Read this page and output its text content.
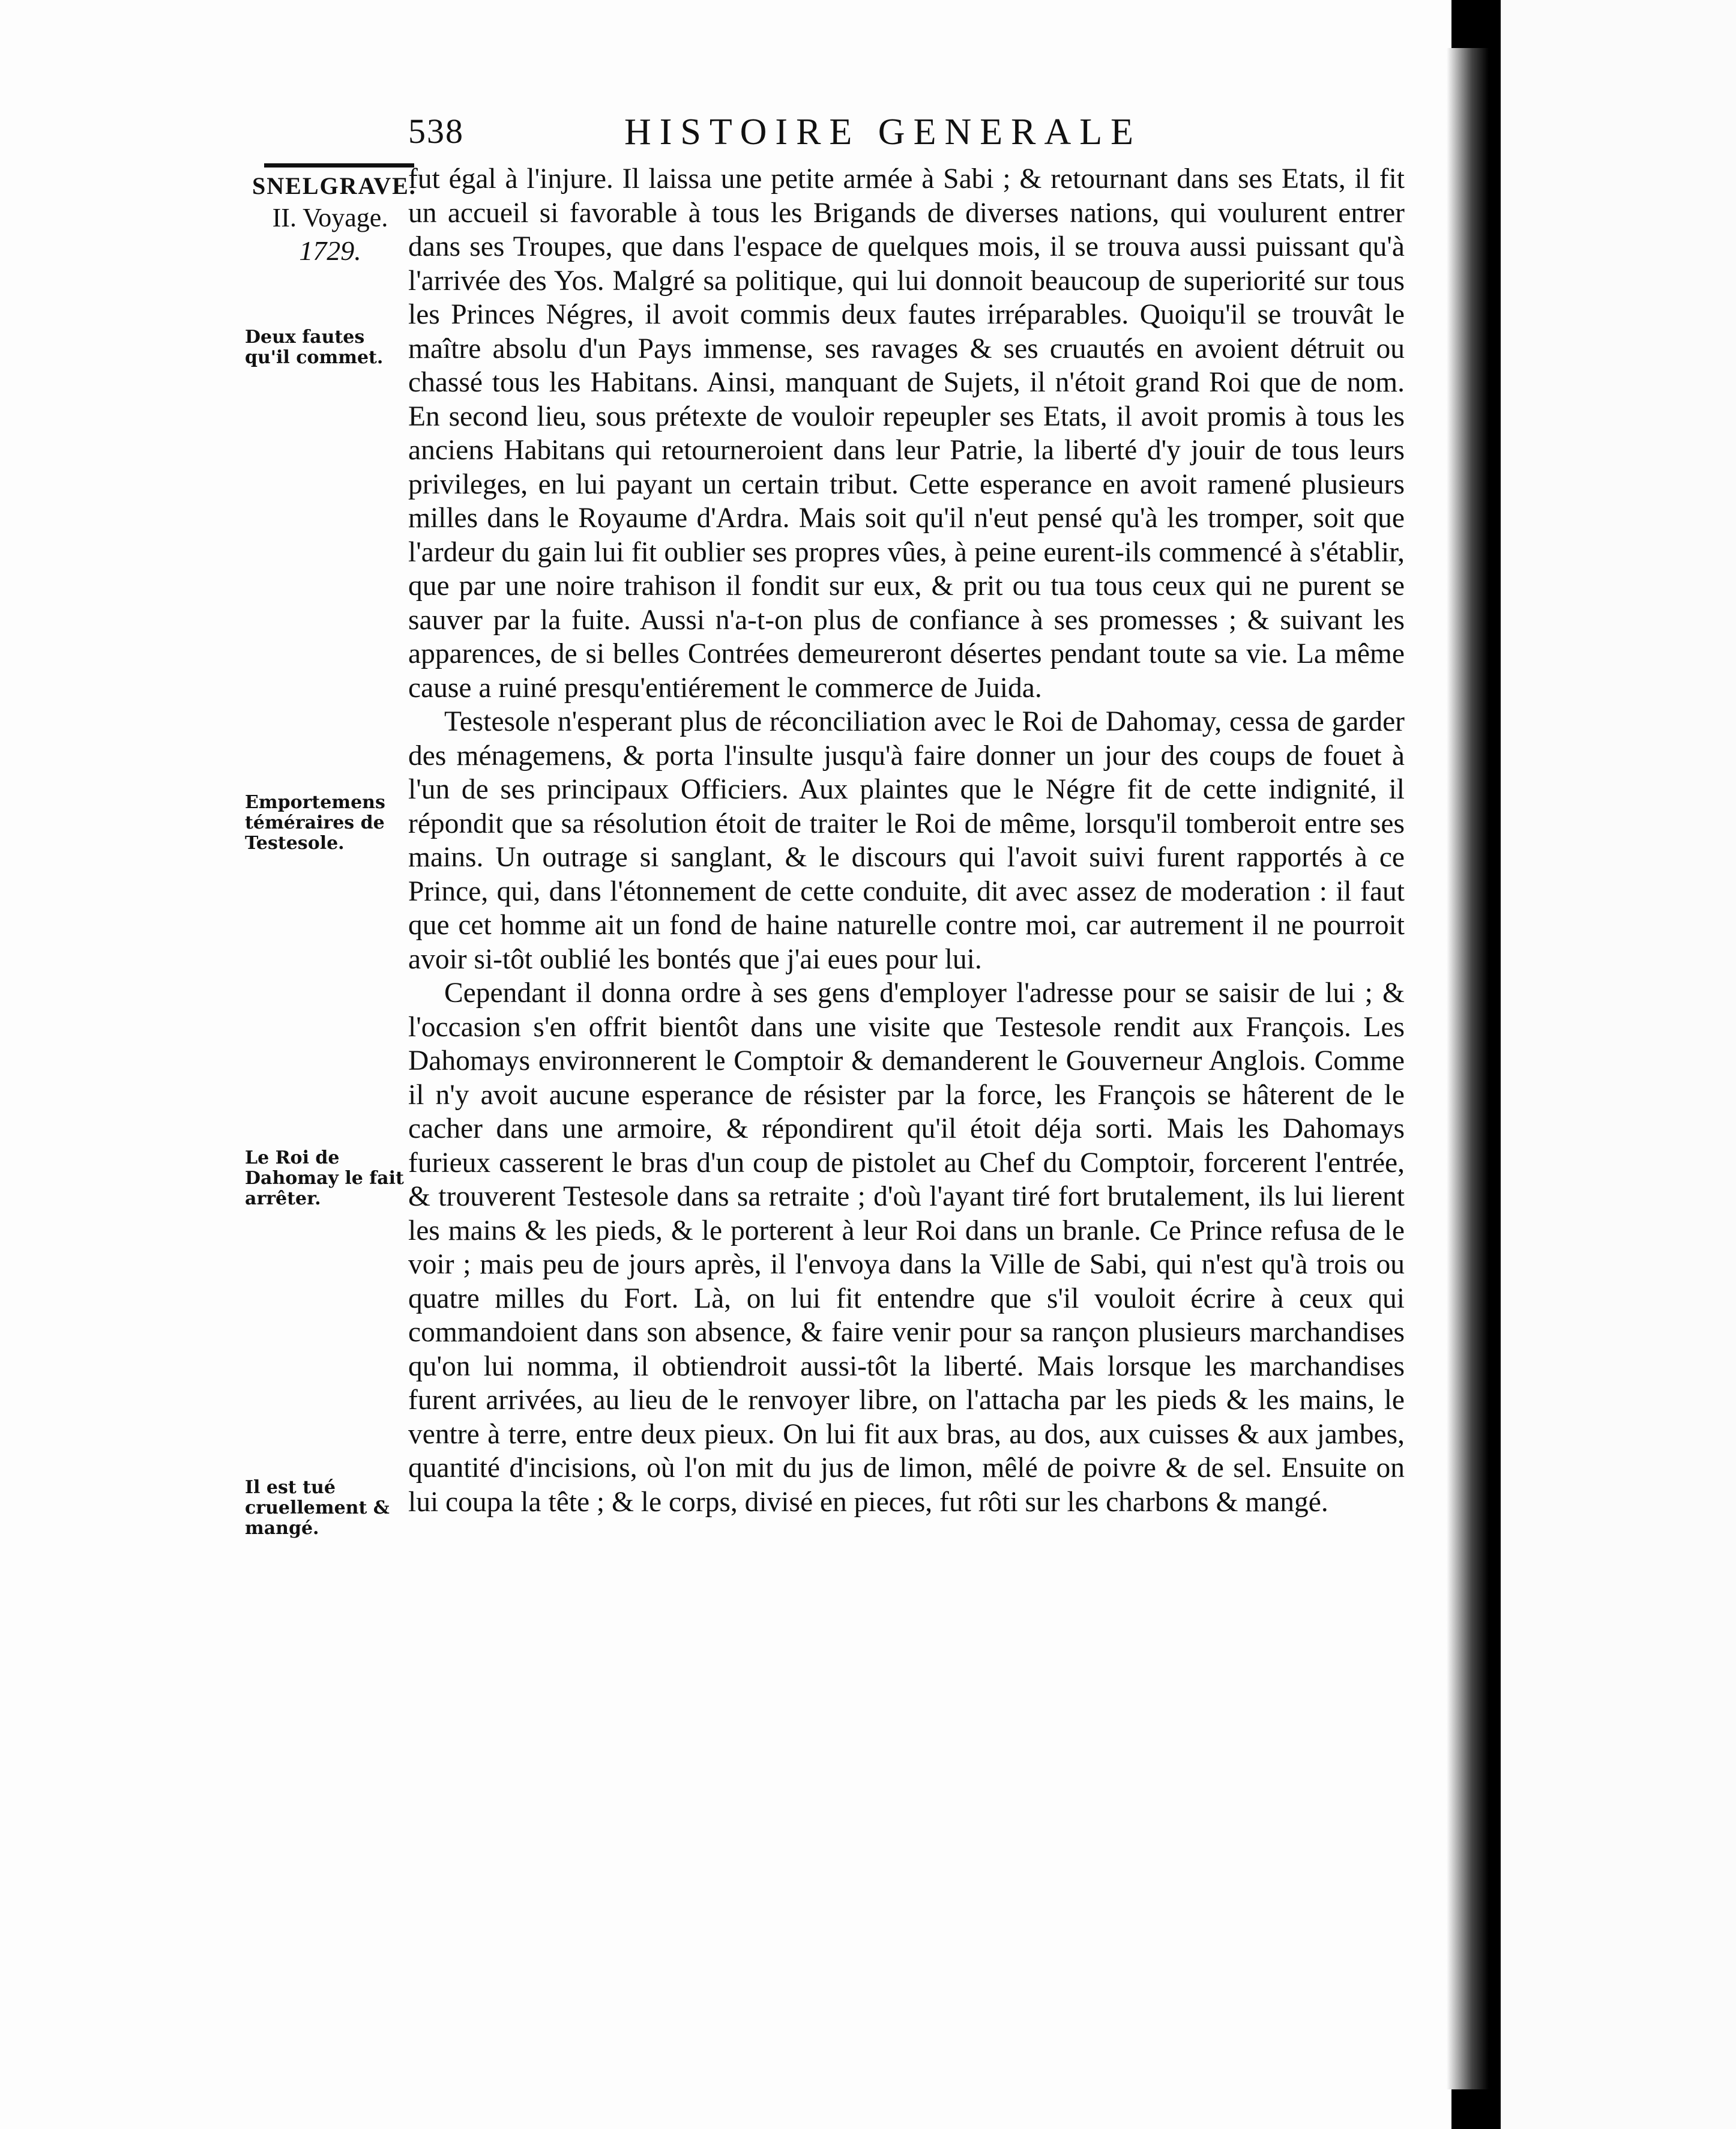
538	HISTOIRE GENERALE
SNELGRAVE.
II. Voyage.
1729.
Deux fautes qu'il commet.
Emportemens téméraires de Testesole.
Le Roi de Dahomay le fait arrêter.
Il est tué cruellement & mangé.

fut égal à l'injure. Il laissa une petite armée à Sabi ; & retournant dans ses Etats, il fit un accueil si favorable à tous les Brigands de diverses nations, qui voulurent entrer dans ses Troupes, que dans l'espace de quelques mois, il se trouva aussi puissant qu'à l'arrivée des Yos. Malgré sa politique, qui lui donnoit beaucoup de superiorité sur tous les Princes Négres, il avoit commis deux fautes irréparables. Quoiqu'il se trouvât le maître absolu d'un Pays immense, ses ravages & ses cruautés en avoient détruit ou chassé tous les Habitans. Ainsi, manquant de Sujets, il n'étoit grand Roi que de nom. En second lieu, sous prétexte de vouloir repeupler ses Etats, il avoit promis à tous les anciens Habitans qui retourneroient dans leur Patrie, la liberté d'y jouir de tous leurs privileges, en lui payant un certain tribut. Cette esperance en avoit ramené plusieurs milles dans le Royaume d'Ardra. Mais soit qu'il n'eut pensé qu'à les tromper, soit que l'ardeur du gain lui fit oublier ses propres vûes, à peine eurent-ils commencé à s'établir, que par une noire trahison il fondit sur eux, & prit ou tua tous ceux qui ne purent se sauver par la fuite. Aussi n'a-t-on plus de confiance à ses promesses ; & suivant les apparences, de si belles Contrées demeureront désertes pendant toute sa vie. La même cause a ruiné presqu'entiérement le commerce de Juida.

Testesole n'esperant plus de réconciliation avec le Roi de Dahomay, cessa de garder des ménagemens, & porta l'insulte jusqu'à faire donner un jour des coups de fouet à l'un de ses principaux Officiers. Aux plaintes que le Négre fit de cette indignité, il répondit que sa résolution étoit de traiter le Roi de même, lorsqu'il tomberoit entre ses mains. Un outrage si sanglant, & le discours qui l'avoit suivi furent rapportés à ce Prince, qui, dans l'étonnement de cette conduite, dit avec assez de moderation : il faut que cet homme ait un fond de haine naturelle contre moi, car autrement il ne pourroit avoir si-tôt oublié les bontés que j'ai eues pour lui.

Cependant il donna ordre à ses gens d'employer l'adresse pour se saisir de lui ; & l'occasion s'en offrit bientôt dans une visite que Testesole rendit aux François. Les Dahomays environnerent le Comptoir & demanderent le Gouverneur Anglois. Comme il n'y avoit aucune esperance de résister par la force, les François se hâterent de le cacher dans une armoire, & répondirent qu'il étoit déja sorti. Mais les Dahomays furieux casserent le bras d'un coup de pistolet au Chef du Comptoir, forcerent l'entrée, & trouverent Testesole dans sa retraite ; d'où l'ayant tiré fort brutalement, ils lui lierent les mains & les pieds, & le porterent à leur Roi dans un branle. Ce Prince refusa de le voir ; mais peu de jours après, il l'envoya dans la Ville de Sabi, qui n'est qu'à trois ou quatre milles du Fort. Là, on lui fit entendre que s'il vouloit écrire à ceux qui commandoient dans son absence, & faire venir pour sa rançon plusieurs marchandises qu'on lui nomma, il obtiendroit aussi-tôt la liberté. Mais lorsque les marchandises furent arrivées, au lieu de le renvoyer libre, on l'attacha par les pieds & les mains, le ventre à terre, entre deux pieux. On lui fit aux bras, au dos, aux cuisses & aux jambes, quantité d'incisions, où l'on mit du jus de limon, mêlé de poivre & de sel. Ensuite on lui coupa la tête ; & le corps, divisé en pieces, fut rôti sur les charbons & mangé.
